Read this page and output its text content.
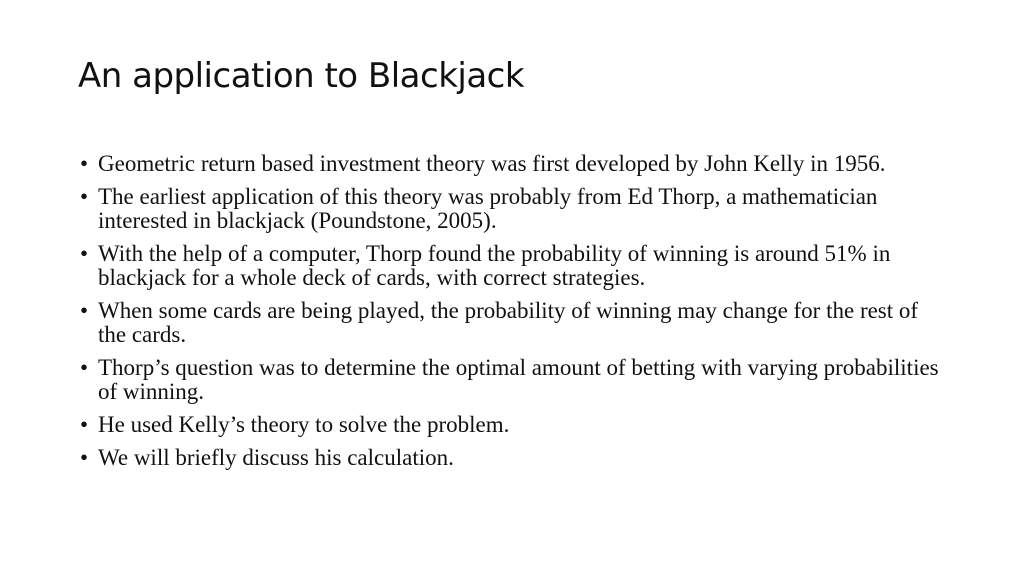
An application to Blackjack
• Geometric return based investment theory was first developed by John Kelly in 1956.
• The earliest application of this theory was probably from Ed Thorp, a mathematician interested in blackjack (Poundstone, 2005).
• With the help of a computer, Thorp found the probability of winning is around 51% in blackjack for a whole deck of cards, with correct strategies.
• When some cards are being played, the probability of winning may change for the rest of the cards.
• Thorp’s question was to determine the optimal amount of betting with varying probabilities of winning.
• He used Kelly’s theory to solve the problem.
• We will briefly discuss his calculation.
